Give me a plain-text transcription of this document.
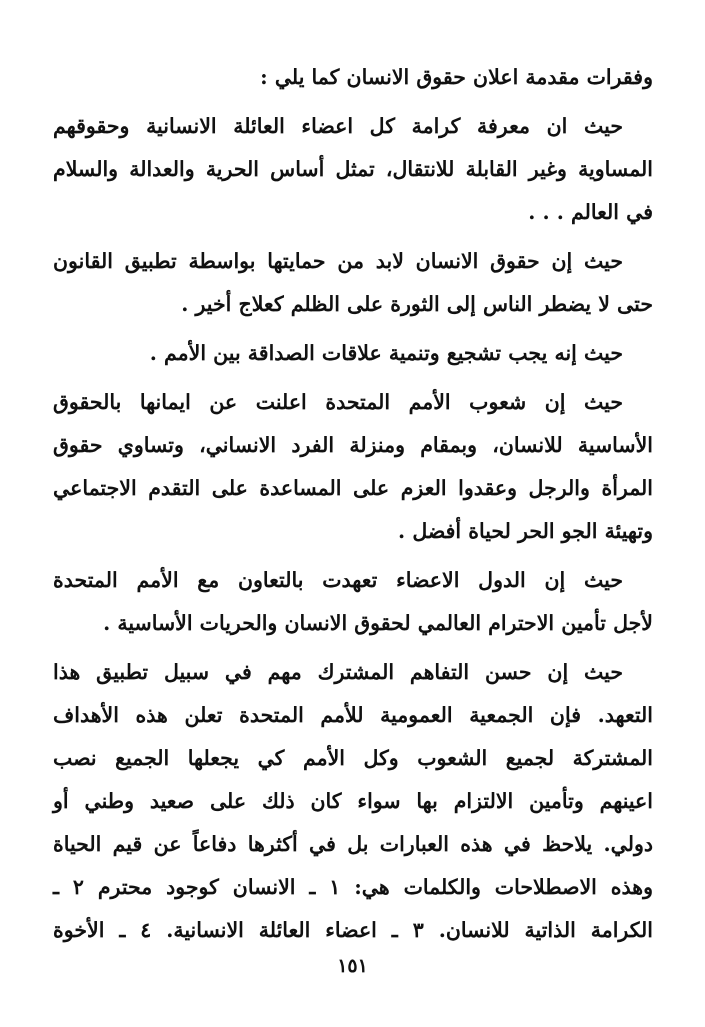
وفقرات مقدمة اعلان حقوق الانسان كما يلي :

حيث ان معرفة كرامة كل اعضاء العائلة الانسانية وحقوقهم
المساوية وغير القابلة للانتقال، تمثل أساس الحرية والعدالة والسلام
في العالم . . .

حيث إن حقوق الانسان لابد من حمايتها بواسطة تطبيق القانون
حتى لا يضطر الناس إلى الثورة على الظلم كعلاج أخير .

حيث إنه يجب تشجيع وتنمية علاقات الصداقة بين الأمم .

حيث إن شعوب الأمم المتحدة اعلنت عن ايمانها بالحقوق
الأساسية للانسان، وبمقام ومنزلة الفرد الانساني، وتساوي حقوق
المرأة والرجل وعقدوا العزم على المساعدة على التقدم الاجتماعي
وتهيئة الجو الحر لحياة أفضل .

حيث إن الدول الاعضاء تعهدت بالتعاون مع الأمم المتحدة
لأجل تأمين الاحترام العالمي لحقوق الانسان والحريات الأساسية .

حيث إن حسن التفاهم المشترك مهم في سبيل تطبيق هذا
التعهد. فإن الجمعية العمومية للأمم المتحدة تعلن هذه الأهداف
المشتركة لجميع الشعوب وكل الأمم كي يجعلها الجميع نصب
اعينهم وتأمين الالتزام بها سواء كان ذلك على صعيد وطني أو
دولي. يلاحظ في هذه العبارات بل في أكثرها دفاعاً عن قيم الحياة
وهذه الاصطلاحات والكلمات هي: ١ ـ الانسان كوجود محترم ٢ ـ
الكرامة الذاتية للانسان. ٣ ـ اعضاء العائلة الانسانية. ٤ ـ الأخوة

١٥١
